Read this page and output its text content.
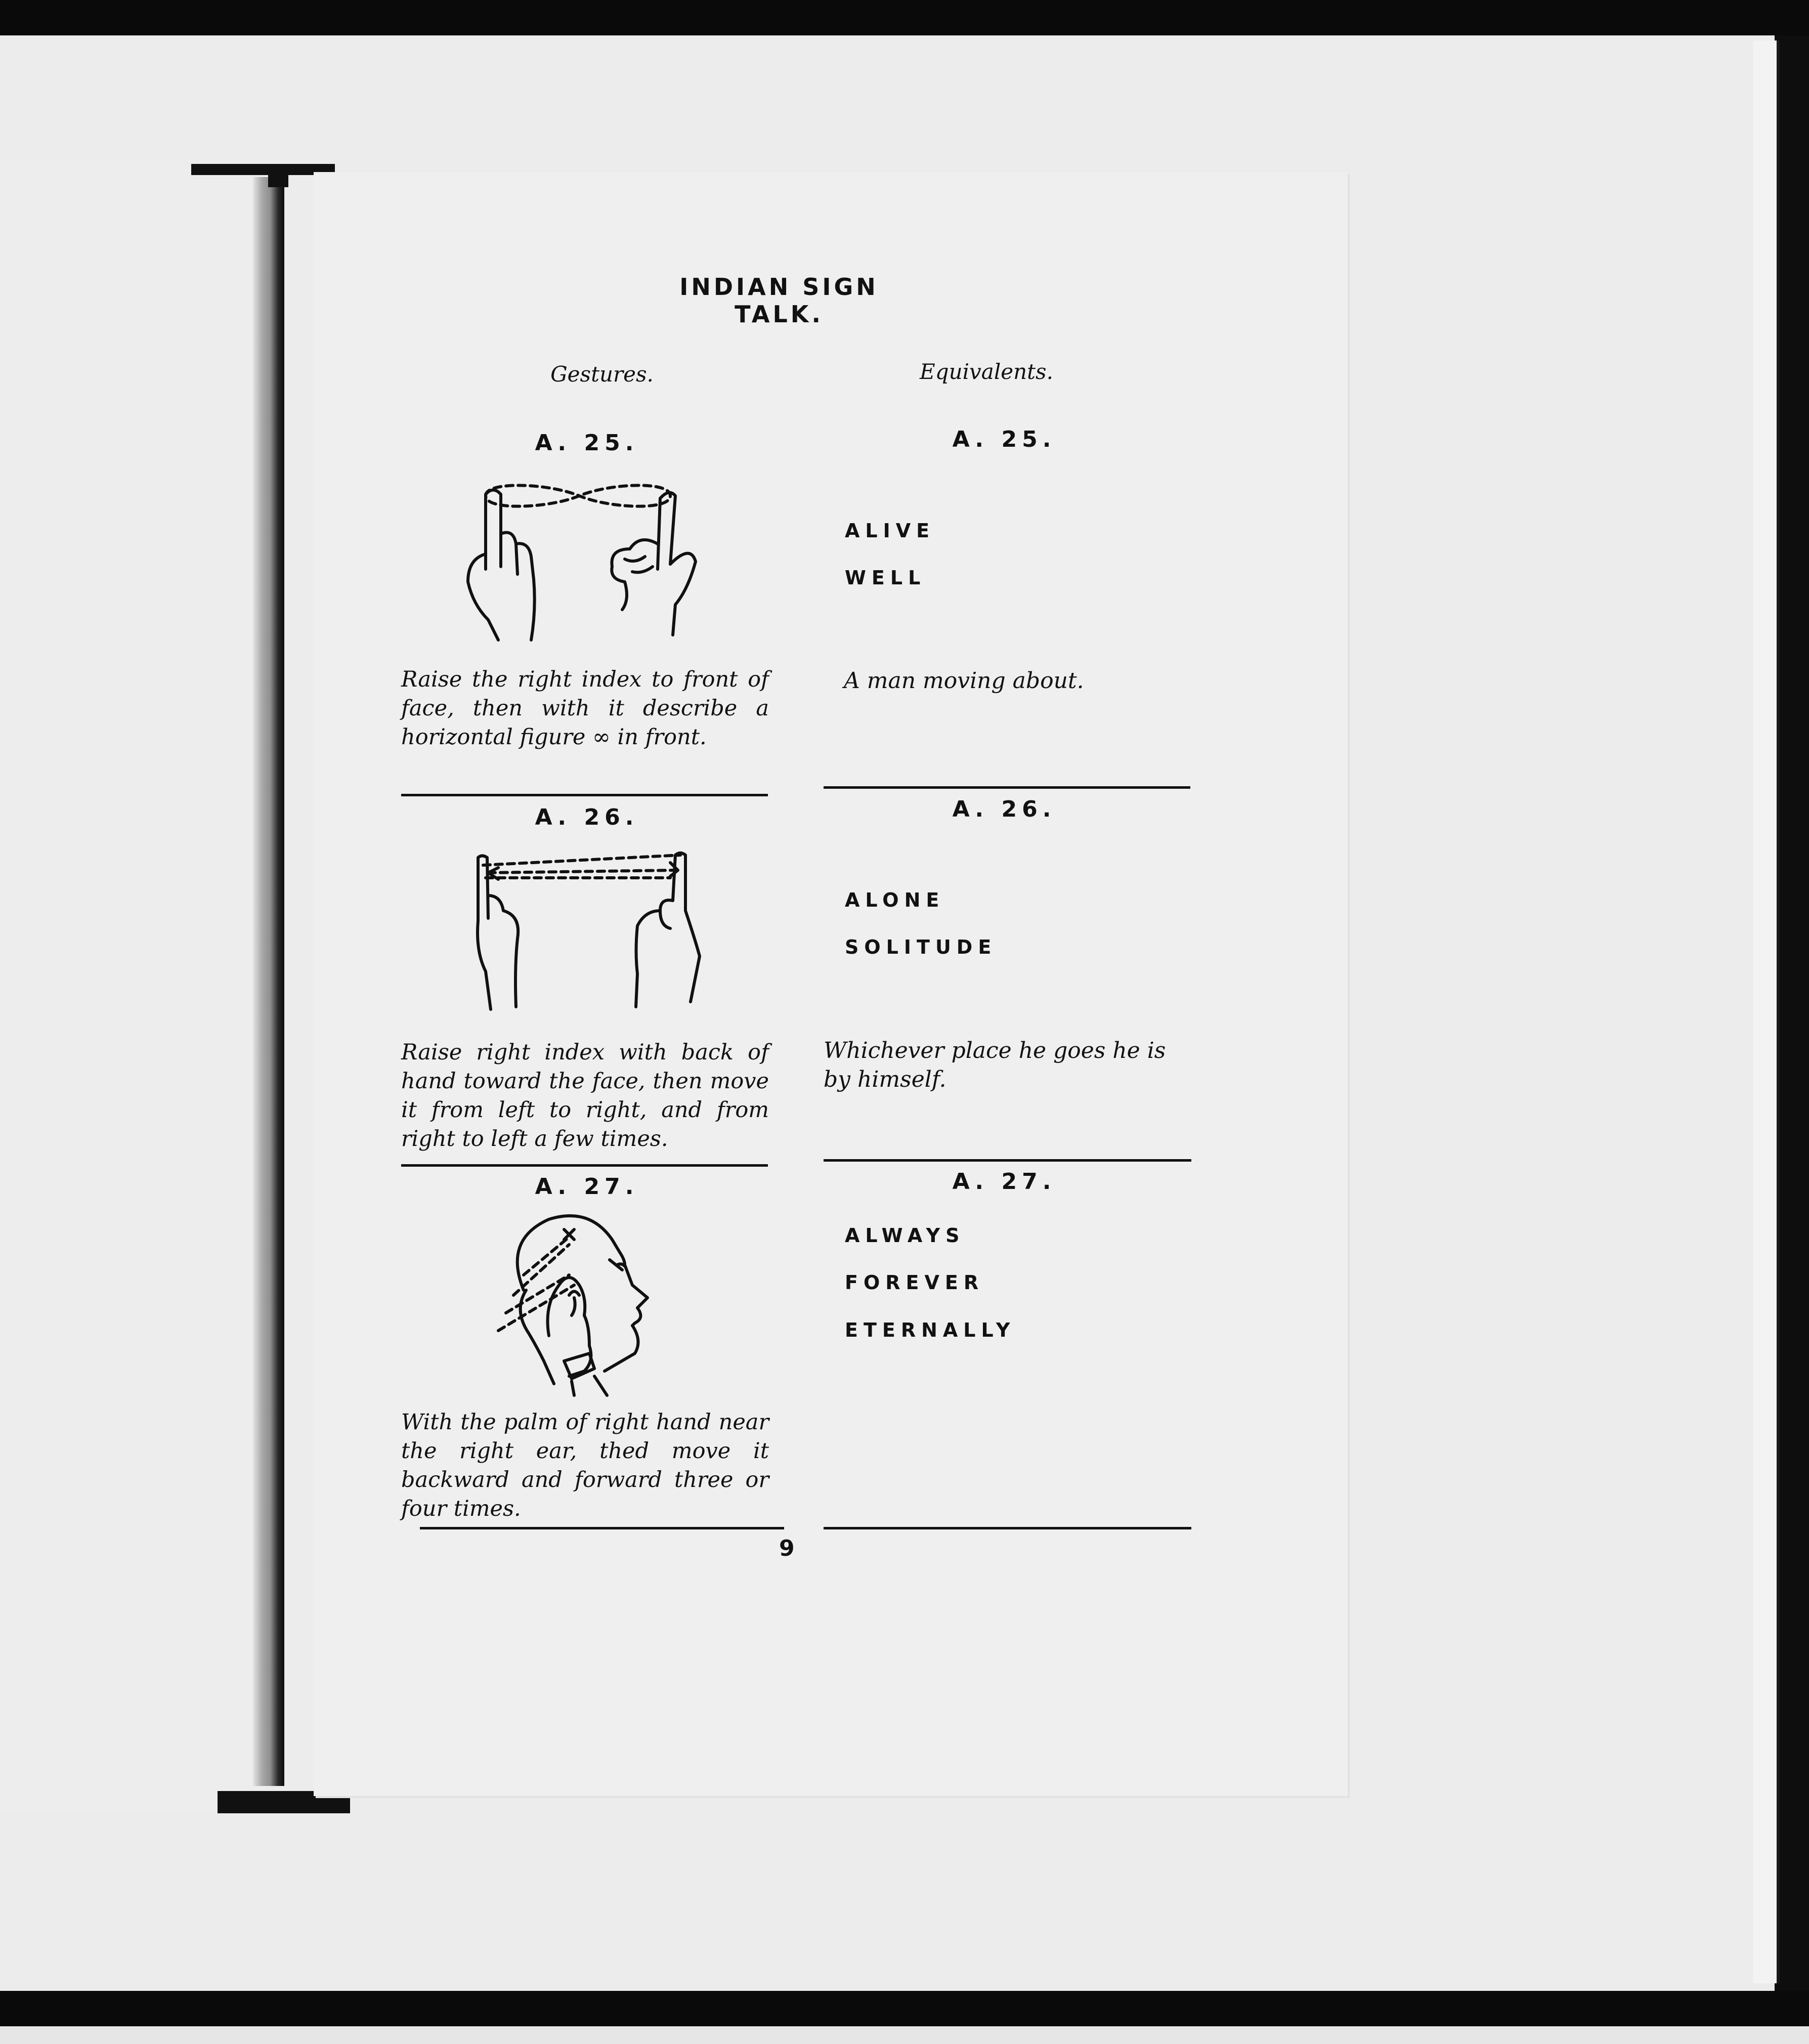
INDIAN SIGN TALK.
Gestures.	Equivalents.
A. 25.	A. 25.
Raise the right index to front of face, then with it describe a horizontal figure ∞ in front.
ALIVE
WELL
A man moving about.
A. 26.	A. 26.
Raise right index with back of hand toward the face, then move it from left to right, and from right to left a few times.
ALONE
SOLITUDE
Whichever place he goes he is by himself.
A. 27.	A. 27.
With the palm of right hand near the right ear, thed move it backward and forward three or four times.
ALWAYS
FOREVER
ETERNALLY
9
